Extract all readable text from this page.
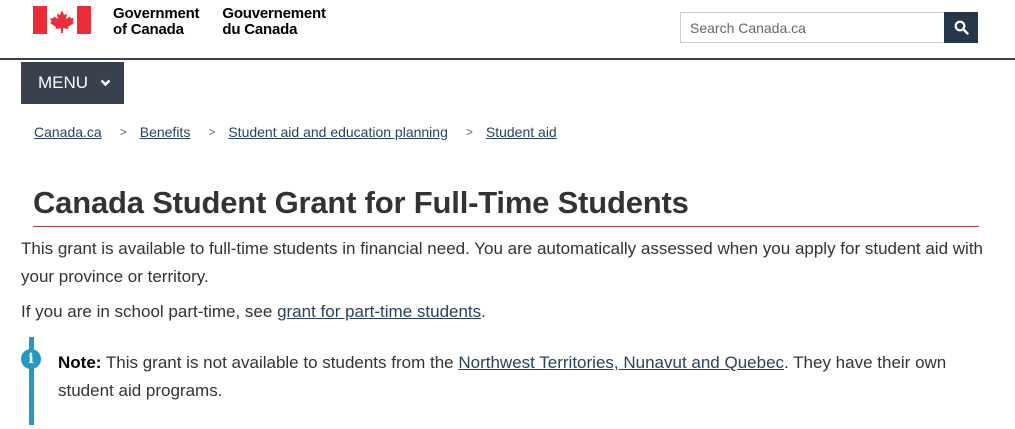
Government
of Canada
Gouvernement
du Canada
Search Canada.ca
MENU
Canada.ca > Benefits > Student aid and education planning > Student aid
Canada Student Grant for Full-Time Students

This grant is available to full-time students in financial need. You are automatically assessed when you apply for student aid with your province or territory.

If you are in school part-time, see grant for part-time students.

i	Note: This grant is not available to students from the Northwest Territories, Nunavut and Quebec. They have their own student aid programs.
